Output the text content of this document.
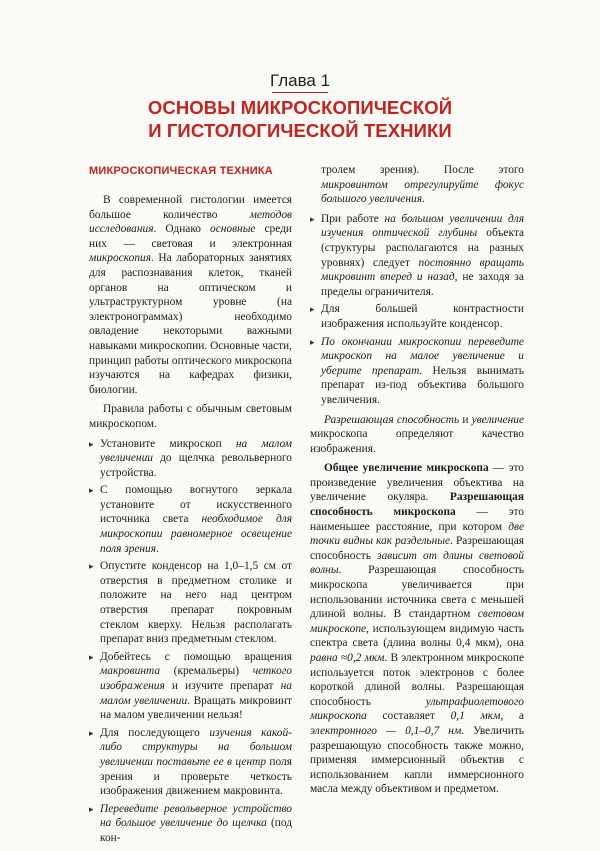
Глава 1
ОСНОВЫ МИКРОСКОПИЧЕСКОЙ
И ГИСТОЛОГИЧЕСКОЙ ТЕХНИКИ
МИКРОСКОПИЧЕСКАЯ ТЕХНИКА

В современной гистологии имеется большое количество методов исследования. Однако основные среди них — световая и электронная микроскопия. На лабораторных занятиях для распознавания клеток, тканей органов на оптическом и ультраструктурном уровне (на электронограммах) необходимо овладение некоторыми важными навыками микроскопии. Основные части, принцип работы оптического микроскопа изучаются на кафедрах физики, биологии.

Правила работы с обычным световым микроскопом.

▸ Установите микроскоп на малом увеличении до щелчка револьверного устройства.
▸ С помощью вогнутого зеркала установите от искусственного источника света необходимое для микроскопии равномерное освещение поля зрения.
▸ Опустите конденсор на 1,0–1,5 см от отверстия в предметном столике и положите на него над центром отверстия препарат покровным стеклом кверху. Нельзя располагать препарат вниз предметным стеклом.
▸ Добейтесь с помощью вращения макровинта (кремальеры) четкого изображения и изучите препарат на малом увеличении. Вращать микровинт на малом увеличении нельзя!
▸ Для последующего изучения какой-либо структуры на большом увеличении поставьте ее в центр поля зрения и проверьте четкость изображения движением макровинта.
▸ Переведите револьверное устройство на большое увеличение до щелчка (под кон-

тролем зрения). После этого микровинтом отрегулируйте фокус большого увеличения.

▸ При работе на большом увеличении для изучения оптической глубины объекта (структуры располагаются на разных уровнях) следует постоянно вращать микровинт вперед и назад, не заходя за пределы ограничителя.
▸ Для большей контрастности изображения используйте конденсор.
▸ По окончании микроскопии переведите микроскоп на малое увеличение и уберите препарат. Нельзя вынимать препарат из-под объектива большого увеличения.

Разрешающая способность и увеличение микроскопа определяют качество изображения.

Общее увеличение микроскопа — это произведение увеличения объектива на увеличение окуляра. Разрешающая способность микроскопа — это наименьшее расстояние, при котором две точки видны как раздельные. Разрешающая способность зависит от длины световой волны. Разрешающая способность микроскопа увеличивается при использовании источника света с меньшей длиной волны. В стандартном световом микроскопе, использующем видимую часть спектра света (длина волны 0,4 мкм), она равна ≈0,2 мкм. В электронном микроскопе используется поток электронов с более короткой длиной волны. Разрешающая способность ультрафиолетового микроскопа составляет 0,1 мкм, а электронного — 0,1–0,7 нм. Увеличить разрешающую способность также можно, применяя иммерсионный объектив с использованием капли иммерсионного масла между объективом и предметом.
